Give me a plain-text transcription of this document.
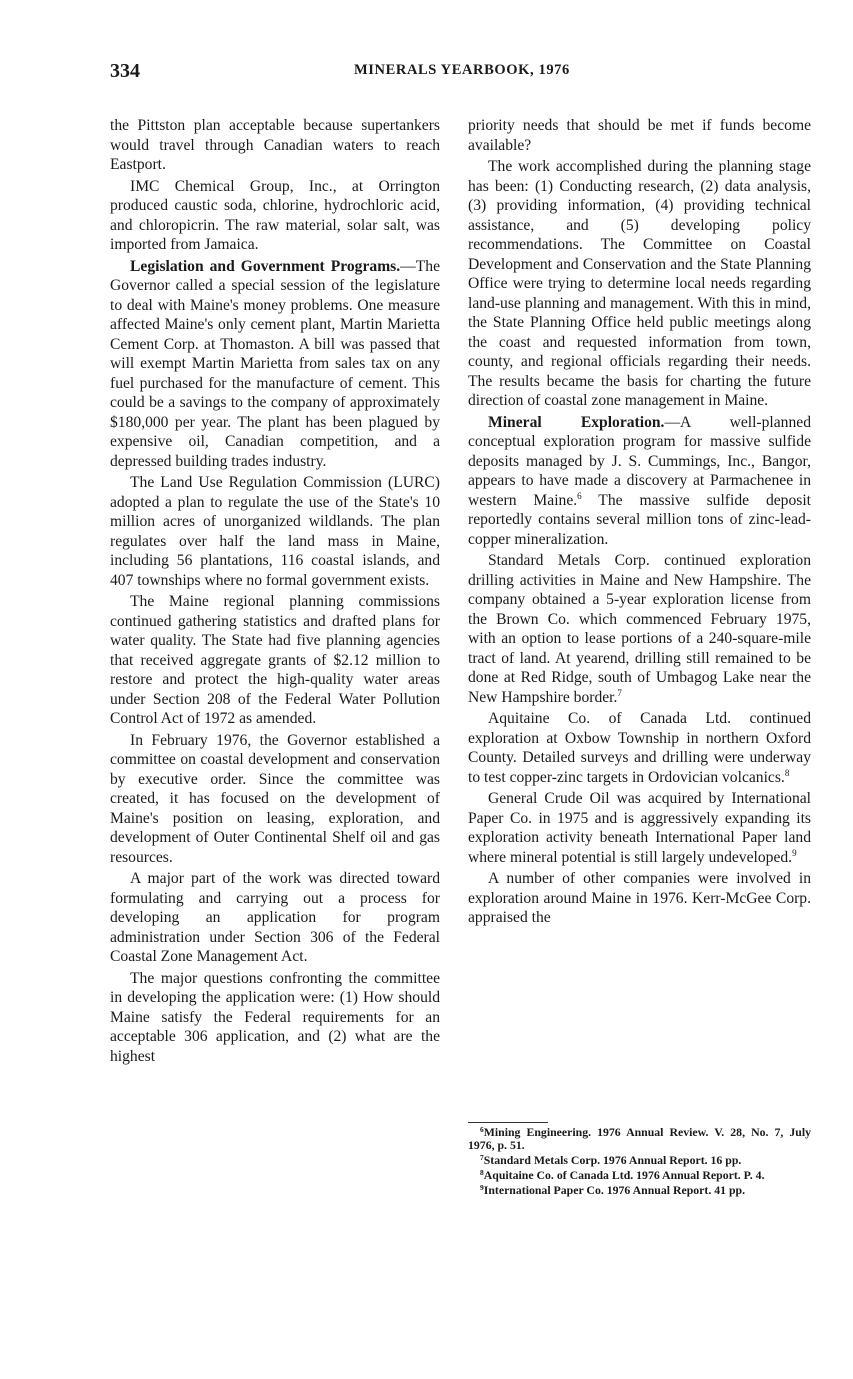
334	MINERALS YEARBOOK, 1976

the Pittston plan acceptable because supertankers would travel through Canadian waters to reach Eastport.

IMC Chemical Group, Inc., at Orrington produced caustic soda, chlorine, hydrochloric acid, and chloropicrin. The raw material, solar salt, was imported from Jamaica.

Legislation and Government Programs.—The Governor called a special session of the legislature to deal with Maine's money problems. One measure affected Maine's only cement plant, Martin Marietta Cement Corp. at Thomaston. A bill was passed that will exempt Martin Marietta from sales tax on any fuel purchased for the manufacture of cement. This could be a savings to the company of approximately $180,000 per year. The plant has been plagued by expensive oil, Canadian competition, and a depressed building trades industry.

The Land Use Regulation Commission (LURC) adopted a plan to regulate the use of the State's 10 million acres of unorganized wildlands. The plan regulates over half the land mass in Maine, including 56 plantations, 116 coastal islands, and 407 townships where no formal government exists.

The Maine regional planning commissions continued gathering statistics and drafted plans for water quality. The State had five planning agencies that received aggregate grants of $2.12 million to restore and protect the high-quality water areas under Section 208 of the Federal Water Pollution Control Act of 1972 as amended.

In February 1976, the Governor established a committee on coastal development and conservation by executive order. Since the committee was created, it has focused on the development of Maine's position on leasing, exploration, and development of Outer Continental Shelf oil and gas resources.

A major part of the work was directed toward formulating and carrying out a process for developing an application for program administration under Section 306 of the Federal Coastal Zone Management Act.

The major questions confronting the committee in developing the application were: (1) How should Maine satisfy the Federal requirements for an acceptable 306 application, and (2) what are the highest

priority needs that should be met if funds become available?

The work accomplished during the planning stage has been: (1) Conducting research, (2) data analysis, (3) providing information, (4) providing technical assistance, and (5) developing policy recommendations. The Committee on Coastal Development and Conservation and the State Planning Office were trying to determine local needs regarding land-use planning and management. With this in mind, the State Planning Office held public meetings along the coast and requested information from town, county, and regional officials regarding their needs. The results became the basis for charting the future direction of coastal zone management in Maine.

Mineral Exploration.—A well-planned conceptual exploration program for massive sulfide deposits managed by J. S. Cummings, Inc., Bangor, appears to have made a discovery at Parmachenee in western Maine.$^6$ The massive sulfide deposit reportedly contains several million tons of zinc-lead-copper mineralization.

Standard Metals Corp. continued exploration drilling activities in Maine and New Hampshire. The company obtained a 5-year exploration license from the Brown Co. which commenced February 1975, with an option to lease portions of a 240-square-mile tract of land. At yearend, drilling still remained to be done at Red Ridge, south of Umbagog Lake near the New Hampshire border.$^7$

Aquitaine Co. of Canada Ltd. continued exploration at Oxbow Township in northern Oxford County. Detailed surveys and drilling were underway to test copper-zinc targets in Ordovician volcanics.$^8$

General Crude Oil was acquired by International Paper Co. in 1975 and is aggressively expanding its exploration activity beneath International Paper land where mineral potential is still largely undeveloped.$^9$

A number of other companies were involved in exploration around Maine in 1976. Kerr-McGee Corp. appraised the

$^6$Mining Engineering. 1976 Annual Review. V. 28, No. 7, July 1976, p. 51.

$^7$Standard Metals Corp. 1976 Annual Report. 16 pp.

$^8$Aquitaine Co. of Canada Ltd. 1976 Annual Report. P. 4.

$^9$International Paper Co. 1976 Annual Report. 41 pp.
